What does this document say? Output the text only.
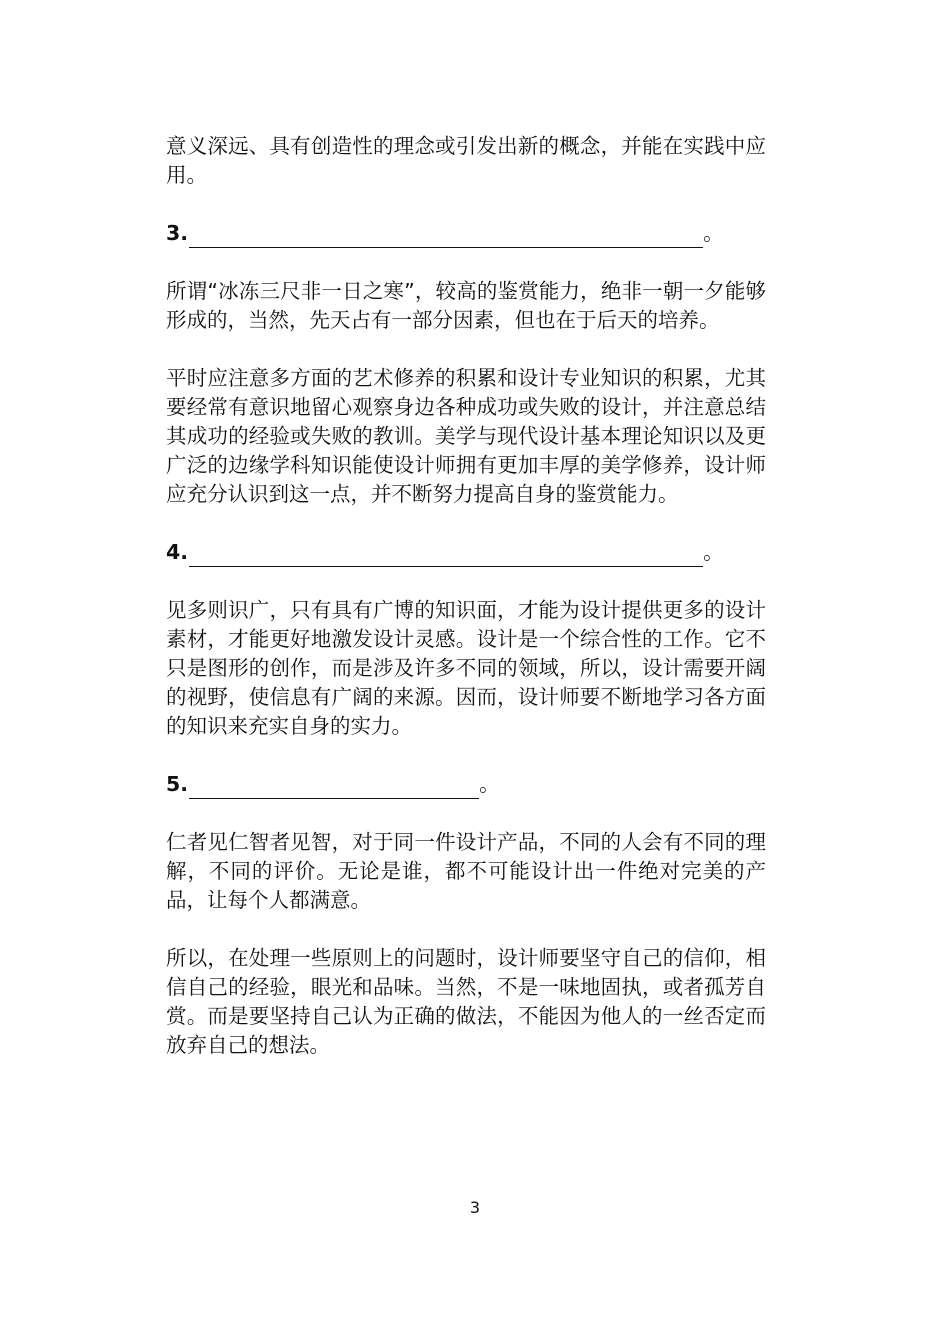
意义深远、具有创造性的理念或引发出新的概念，并能在实践中应用。

3.	。

所谓“冰冻三尺非一日之寒”，较高的鉴赏能力，绝非一朝一夕能够形成的，当然，先天占有一部分因素，但也在于后天的培养。

平时应注意多方面的艺术修养的积累和设计专业知识的积累，尤其要经常有意识地留心观察身边各种成功或失败的设计，并注意总结其成功的经验或失败的教训。美学与现代设计基本理论知识以及更广泛的边缘学科知识能使设计师拥有更加丰厚的美学修养，设计师应充分认识到这一点，并不断努力提高自身的鉴赏能力。

4.	。

见多则识广，只有具有广博的知识面，才能为设计提供更多的设计素材，才能更好地激发设计灵感。设计是一个综合性的工作。它不只是图形的创作，而是涉及许多不同的领域，所以，设计需要开阔的视野，使信息有广阔的来源。因而，设计师要不断地学习各方面的知识来充实自身的实力。

5.	。

仁者见仁智者见智，对于同一件设计产品，不同的人会有不同的理解，不同的评价。无论是谁，都不可能设计出一件绝对完美的产品，让每个人都满意。

所以，在处理一些原则上的问题时，设计师要坚守自己的信仰，相信自己的经验，眼光和品味。当然，不是一味地固执，或者孤芳自赏。而是要坚持自己认为正确的做法，不能因为他人的一丝否定而放弃自己的想法。

3
